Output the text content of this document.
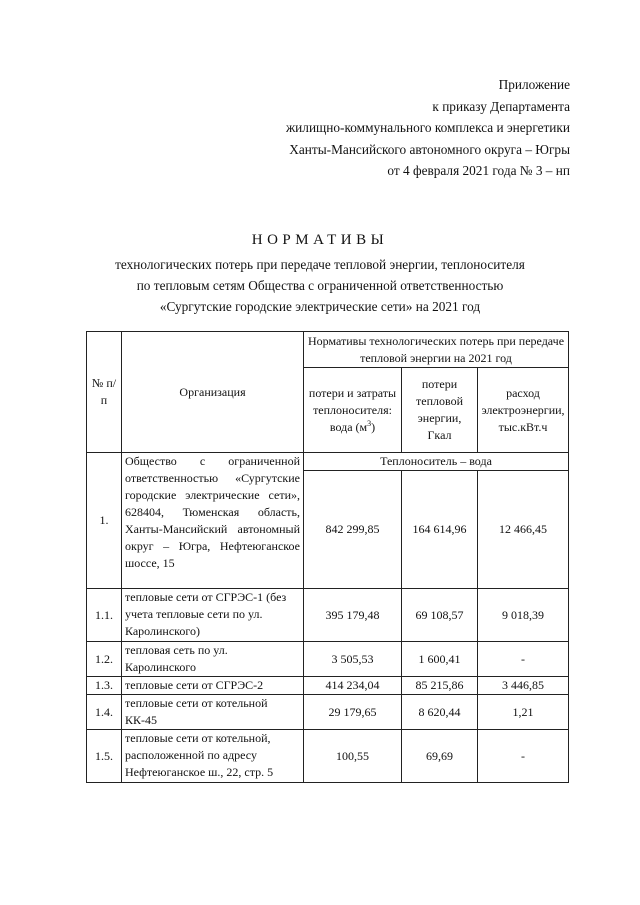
Приложение
к приказу Департамента
жилищно-коммунального комплекса и энергетики
Ханты-Мансийского автономного округа – Югры
от 4 февраля 2021 года № 3 – нп
НОРМАТИВЫ
технологических потерь при передаче тепловой энергии, теплоносителя
по тепловым сетям Общества с ограниченной ответственностью
«Сургутские городские электрические сети» на 2021 год
№ п/п	Организация	Нормативы технологических потерь при передаче тепловой энергии на 2021 год		
		потери и затраты теплоносителя: вода $(м^3)$	потери тепловой энергии, Гкал	расход электроэнергии, тыс.кВт.ч
1.	Общество с ограниченной ответственностью «Сургутские городские электрические сети», 628404, Тюменская область, Ханты-Мансийский автономный округ – Югра, Нефтеюганское шоссе, 15	Теплоноситель – вода		
		842 299,85	164 614,96	12 466,45
1.1.	тепловые сети от СГРЭС-1 (без учета тепловые сети по ул. Каролинского)	395 179,48	69 108,57	9 018,39
1.2.	тепловая сеть по ул. Каролинского	3 505,53	1 600,41	-
1.3.	тепловые сети от СГРЭС-2	414 234,04	85 215,86	3 446,85
1.4.	тепловые сети от котельной КК-45	29 179,65	8 620,44	1,21
1.5.	тепловые сети от котельной, расположенной по адресу Нефтеюганское ш., 22, стр. 5	100,55	69,69	-
